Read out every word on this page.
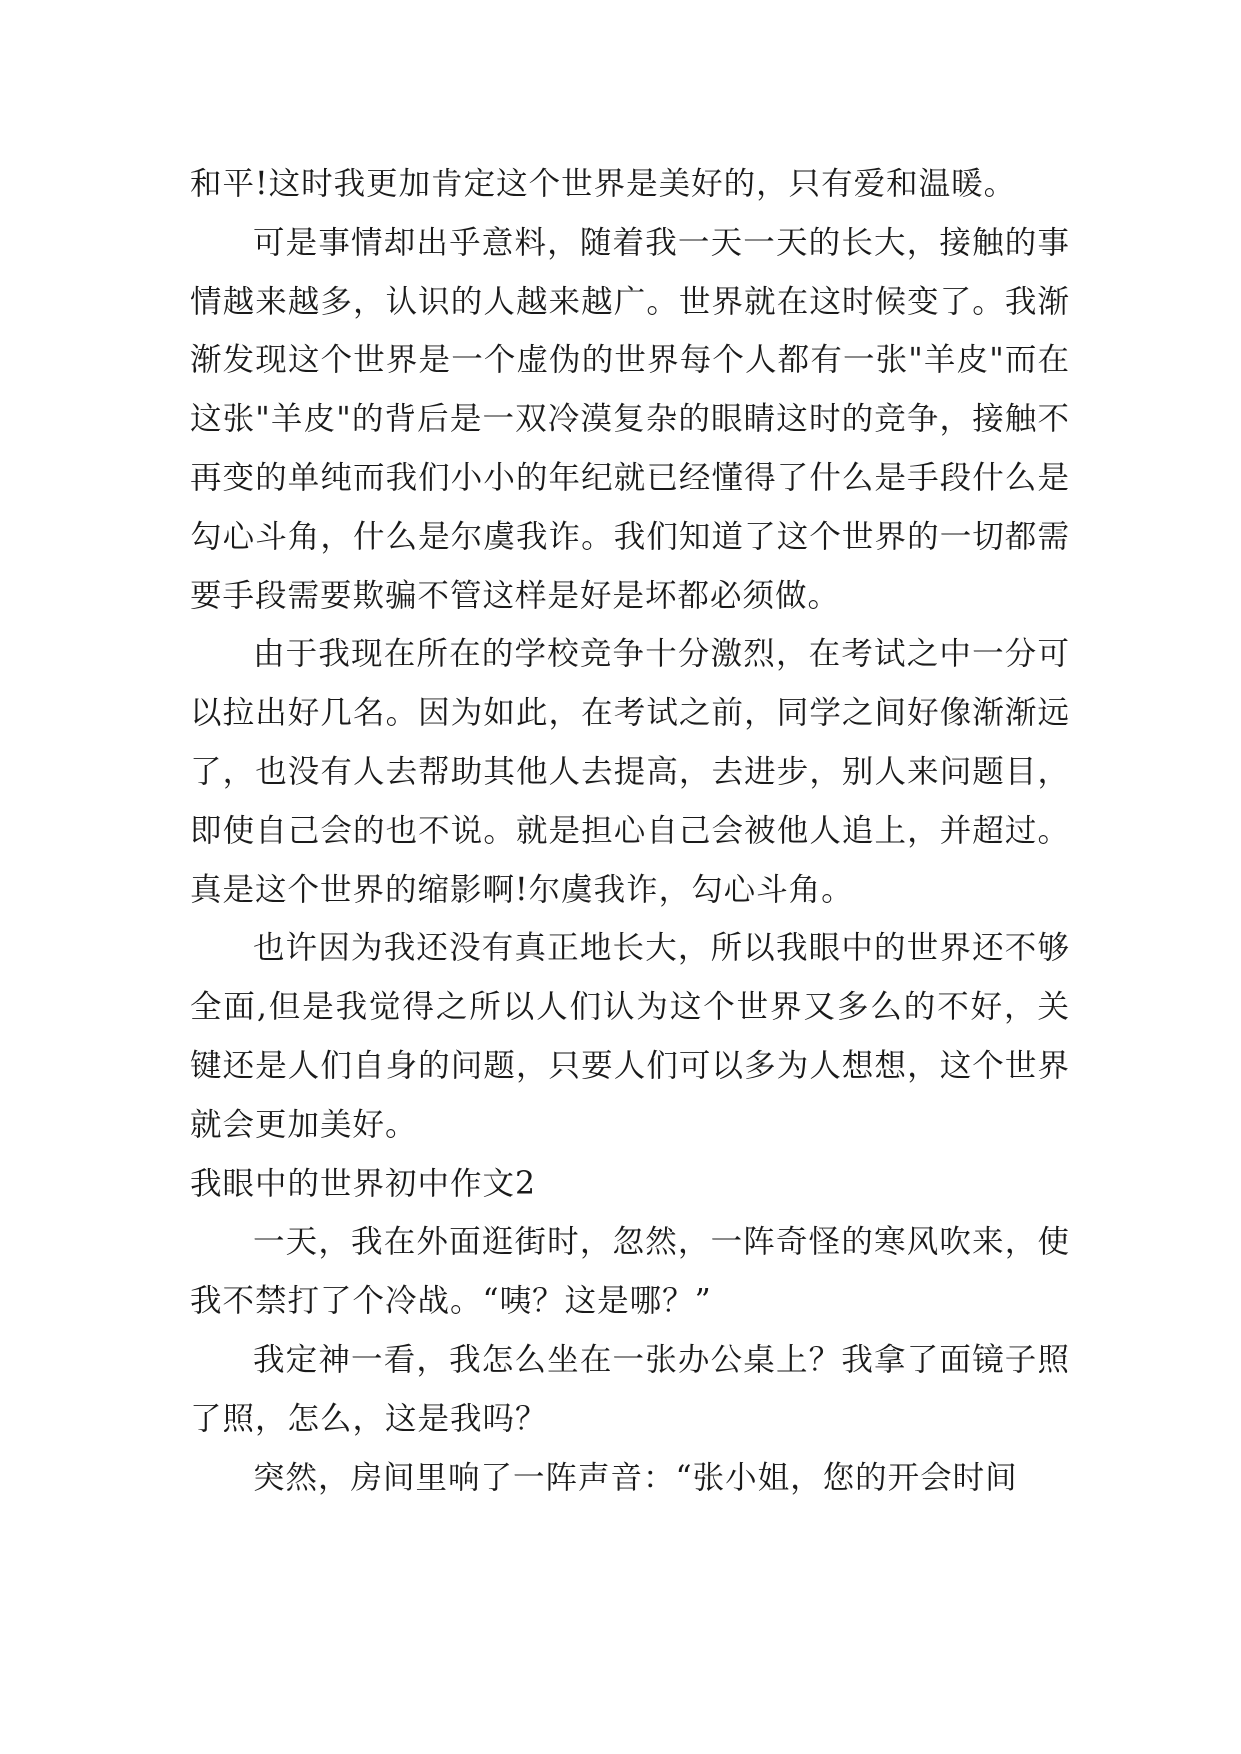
和平!这时我更加肯定这个世界是美好的，只有爱和温暖。

可是事情却出乎意料，随着我一天一天的长大，接触的事情越来越多，认识的人越来越广。世界就在这时候变了。我渐渐发现这个世界是一个虚伪的世界每个人都有一张"羊皮"而在这张"羊皮"的背后是一双冷漠复杂的眼睛这时的竞争，接触不再变的单纯而我们小小的年纪就已经懂得了什么是手段什么是勾心斗角，什么是尔虞我诈。我们知道了这个世界的一切都需要手段需要欺骗不管这样是好是坏都必须做。

由于我现在所在的学校竞争十分激烈，在考试之中一分可以拉出好几名。因为如此，在考试之前，同学之间好像渐渐远了，也没有人去帮助其他人去提高，去进步，别人来问题目，即使自己会的也不说。就是担心自己会被他人追上，并超过。真是这个世界的缩影啊!尔虞我诈，勾心斗角。

也许因为我还没有真正地长大，所以我眼中的世界还不够全面,但是我觉得之所以人们认为这个世界又多么的不好，关键还是人们自身的问题，只要人们可以多为人想想，这个世界就会更加美好。

我眼中的世界初中作文2

一天，我在外面逛街时，忽然，一阵奇怪的寒风吹来，使我不禁打了个冷战。“咦？这是哪？”

我定神一看，我怎么坐在一张办公桌上？我拿了面镜子照了照，怎么，这是我吗？

突然，房间里响了一阵声音：“张小姐，您的开会时间
